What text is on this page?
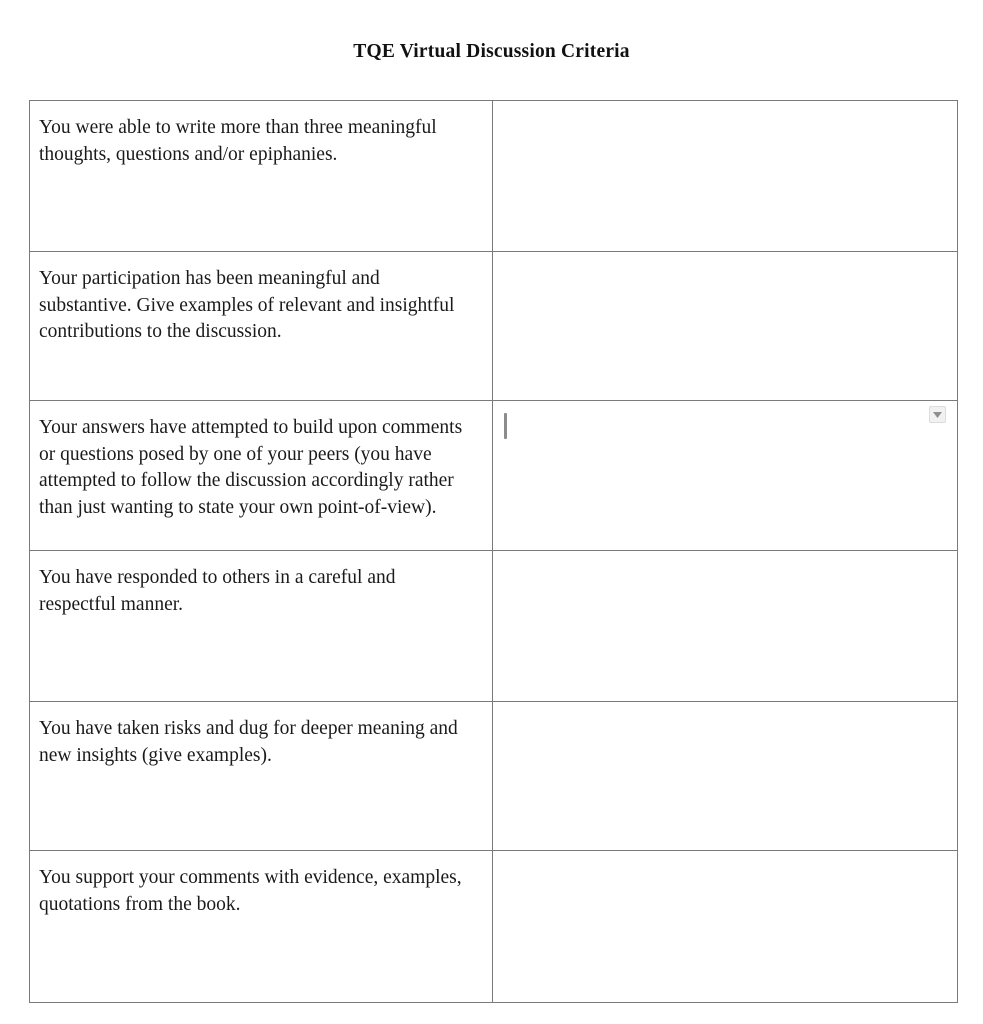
TQE Virtual Discussion Criteria
You were able to write more than three meaningful thoughts, questions and/or epiphanies.	

Your participation has been meaningful and substantive. Give examples of relevant and insightful contributions to the discussion.	

Your answers have attempted to build upon comments or questions posed by one of your peers (you have attempted to follow the discussion accordingly rather than just wanting to state your own point-of-view).

You have responded to others in a careful and respectful manner.	

You have taken risks and dug for deeper meaning and new insights (give examples).	

You support your comments with evidence, examples, quotations from the book.	
